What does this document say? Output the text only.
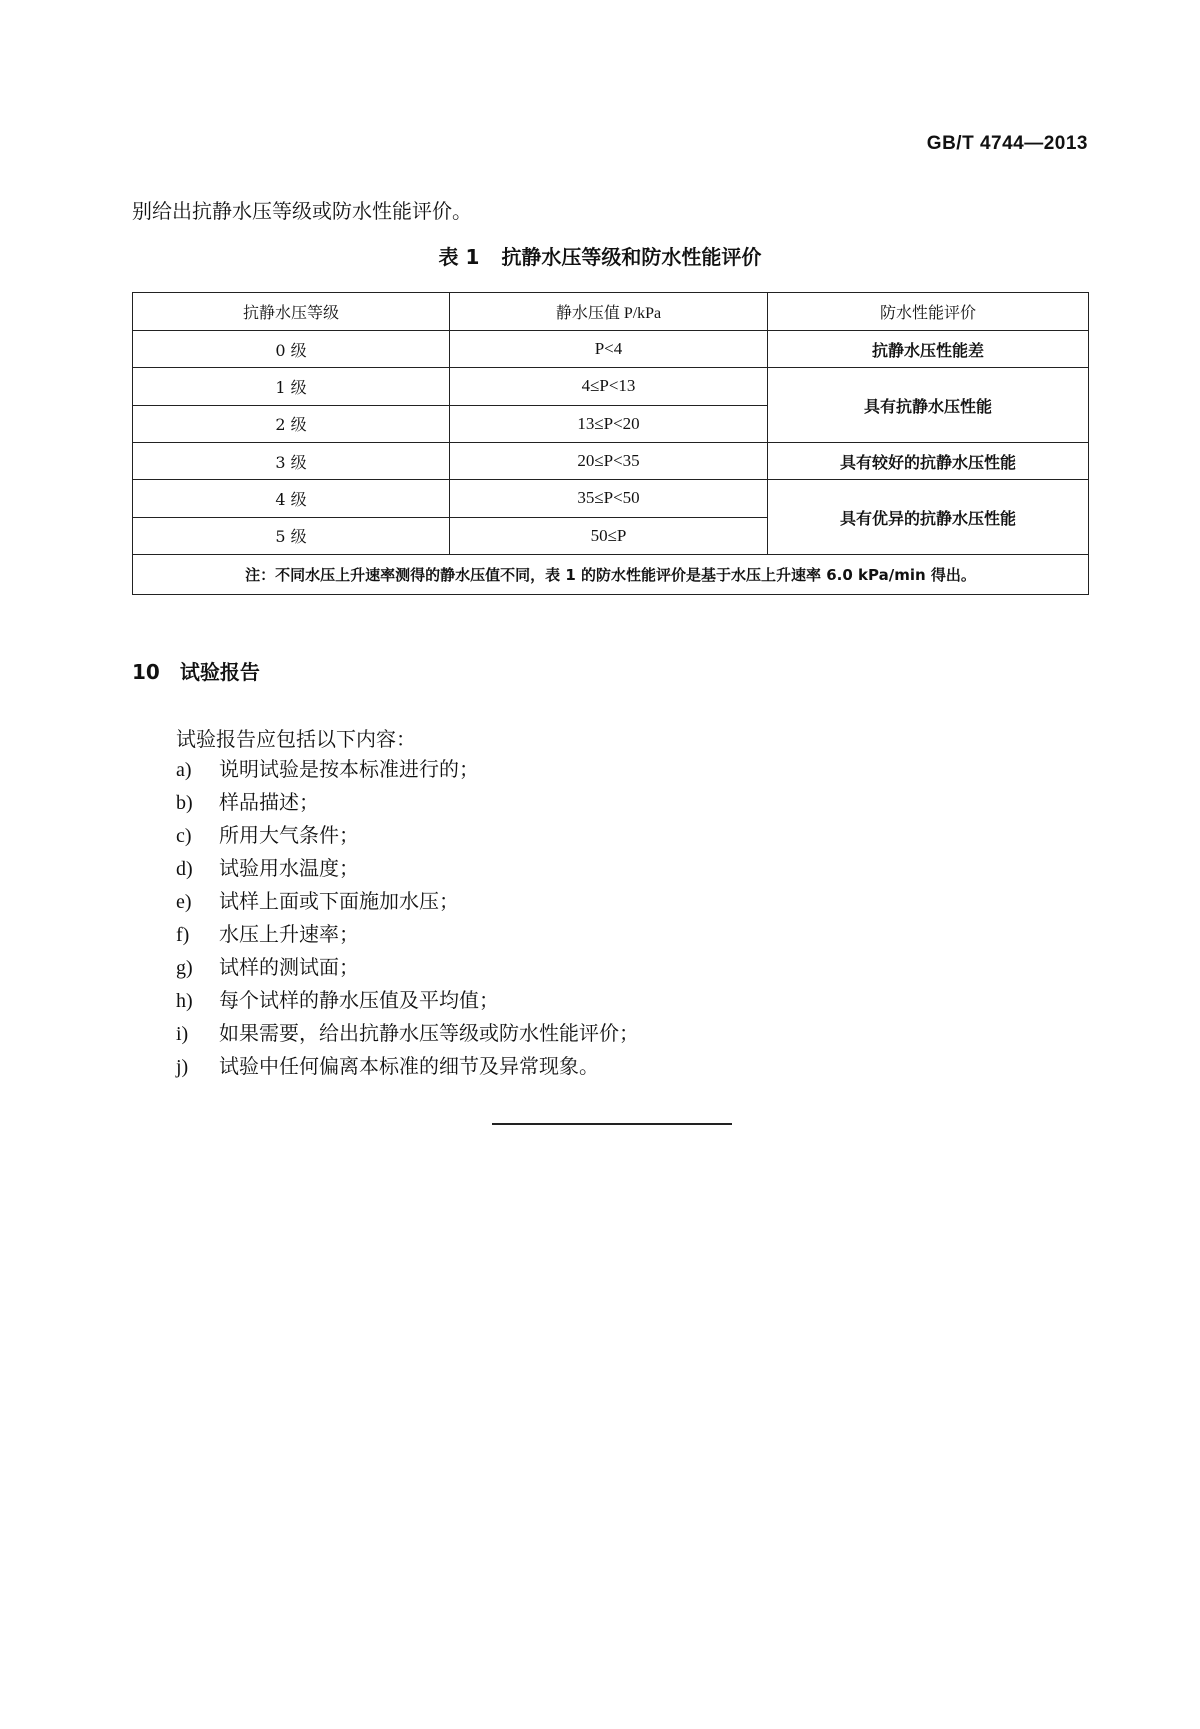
GB/T 4744—2013
别给出抗静水压等级或防水性能评价。
表 1 抗静水压等级和防水性能评价
抗静水压等级	静水压值 P/kPa	防水性能评价
0 级	P<4	抗静水压性能差
1 级	4≤P<13	具有抗静水压性能
2 级	13≤P<20	
3 级	20≤P<35	具有较好的抗静水压性能
4 级	35≤P<50	具有优异的抗静水压性能
5 级	50≤P	
注：不同水压上升速率测得的静水压值不同，表 1 的防水性能评价是基于水压上升速率 6.0 kPa/min 得出。		
10 试验报告
试验报告应包括以下内容：
a) 说明试验是按本标准进行的；
b) 样品描述；
c) 所用大气条件；
d) 试验用水温度；
e) 试样上面或下面施加水压；
f) 水压上升速率；
g) 试样的测试面；
h) 每个试样的静水压值及平均值；
i) 如果需要，给出抗静水压等级或防水性能评价；
j) 试验中任何偏离本标准的细节及异常现象。
